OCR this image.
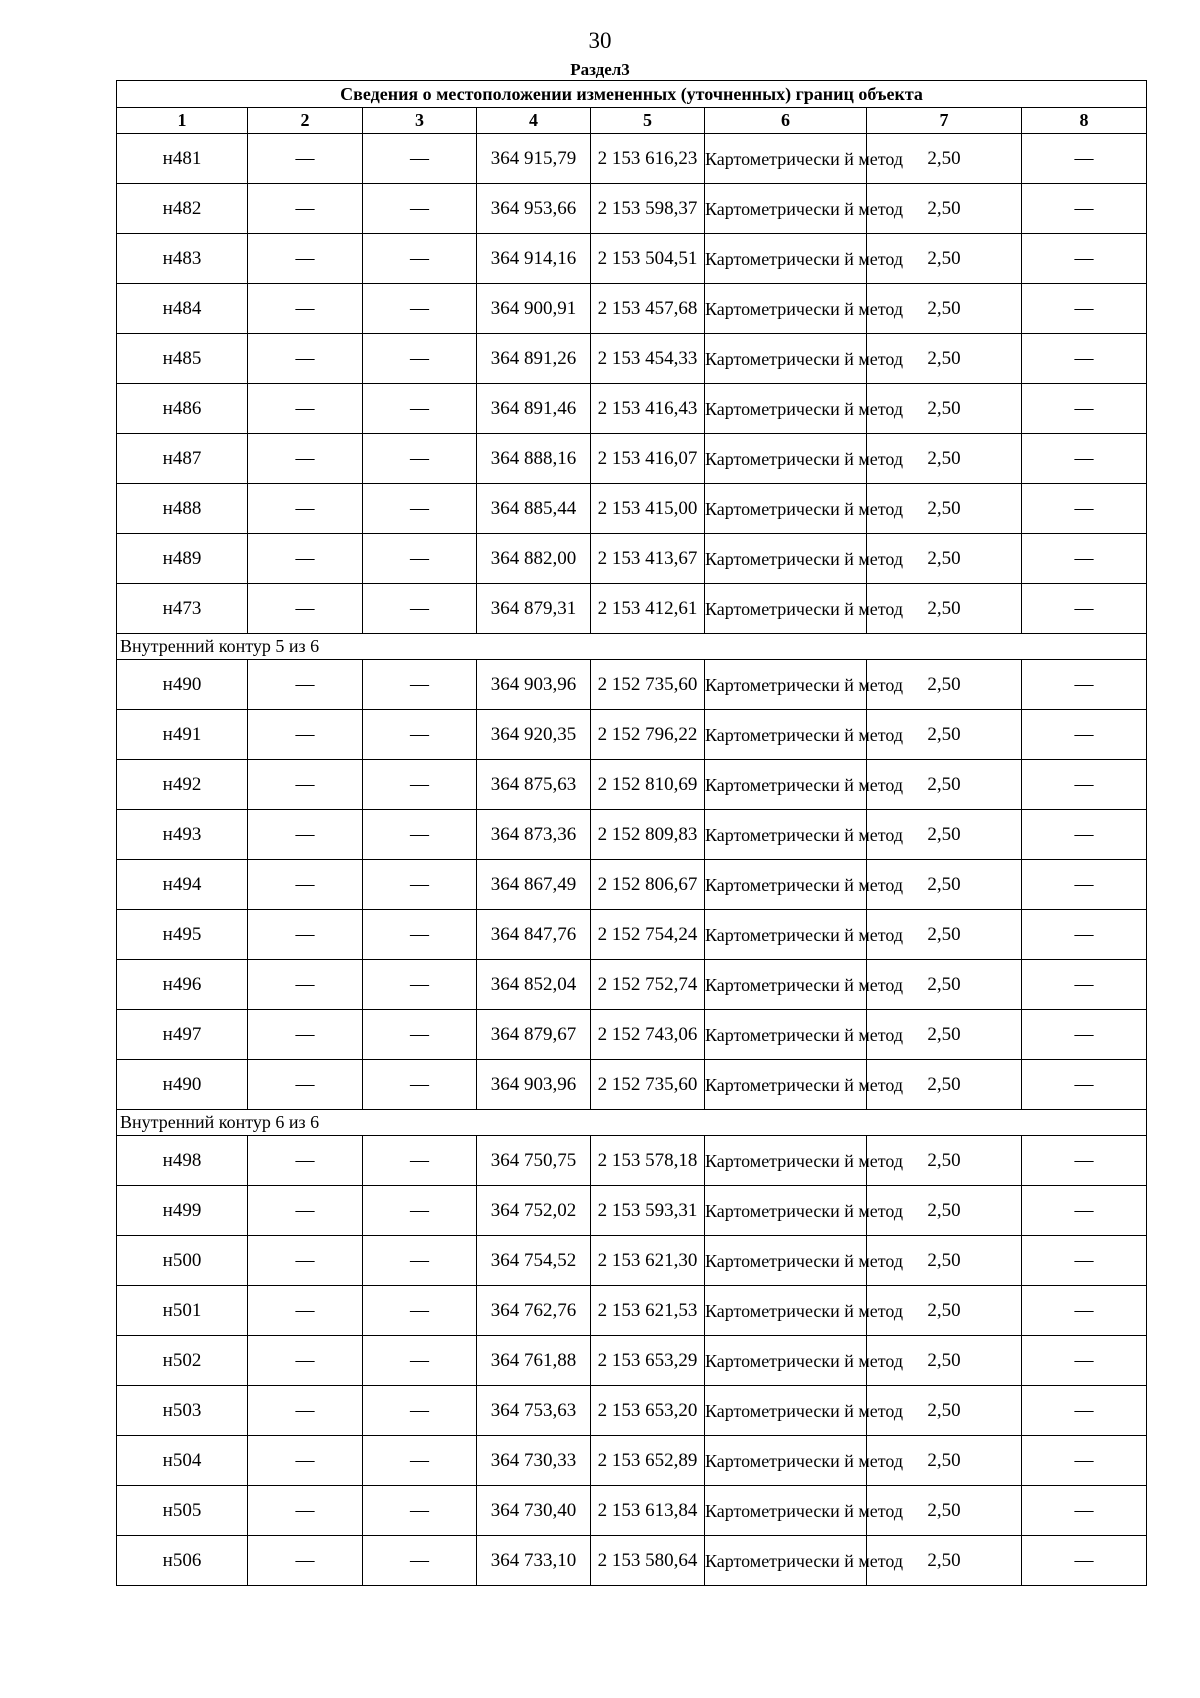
30
Раздел3
Сведения о местоположении измененных (уточненных) границ объекта							
1	2	3	4	5	6	7	8
н481	—	—	364 915,79	2 153 616,23	Картометрически й метод	2,50	—
н482	—	—	364 953,66	2 153 598,37	Картометрически й метод	2,50	—
н483	—	—	364 914,16	2 153 504,51	Картометрически й метод	2,50	—
н484	—	—	364 900,91	2 153 457,68	Картометрически й метод	2,50	—
н485	—	—	364 891,26	2 153 454,33	Картометрически й метод	2,50	—
н486	—	—	364 891,46	2 153 416,43	Картометрически й метод	2,50	—
н487	—	—	364 888,16	2 153 416,07	Картометрически й метод	2,50	—
н488	—	—	364 885,44	2 153 415,00	Картометрически й метод	2,50	—
н489	—	—	364 882,00	2 153 413,67	Картометрически й метод	2,50	—
н473	—	—	364 879,31	2 153 412,61	Картометрически й метод	2,50	—
Внутренний контур 5 из 6							
н490	—	—	364 903,96	2 152 735,60	Картометрически й метод	2,50	—
н491	—	—	364 920,35	2 152 796,22	Картометрически й метод	2,50	—
н492	—	—	364 875,63	2 152 810,69	Картометрически й метод	2,50	—
н493	—	—	364 873,36	2 152 809,83	Картометрически й метод	2,50	—
н494	—	—	364 867,49	2 152 806,67	Картометрически й метод	2,50	—
н495	—	—	364 847,76	2 152 754,24	Картометрически й метод	2,50	—
н496	—	—	364 852,04	2 152 752,74	Картометрически й метод	2,50	—
н497	—	—	364 879,67	2 152 743,06	Картометрически й метод	2,50	—
н490	—	—	364 903,96	2 152 735,60	Картометрически й метод	2,50	—
Внутренний контур 6 из 6							
н498	—	—	364 750,75	2 153 578,18	Картометрически й метод	2,50	—
н499	—	—	364 752,02	2 153 593,31	Картометрически й метод	2,50	—
н500	—	—	364 754,52	2 153 621,30	Картометрически й метод	2,50	—
н501	—	—	364 762,76	2 153 621,53	Картометрически й метод	2,50	—
н502	—	—	364 761,88	2 153 653,29	Картометрически й метод	2,50	—
н503	—	—	364 753,63	2 153 653,20	Картометрически й метод	2,50	—
н504	—	—	364 730,33	2 153 652,89	Картометрически й метод	2,50	—
н505	—	—	364 730,40	2 153 613,84	Картометрически й метод	2,50	—
н506	—	—	364 733,10	2 153 580,64	Картометрически й метод	2,50	—
